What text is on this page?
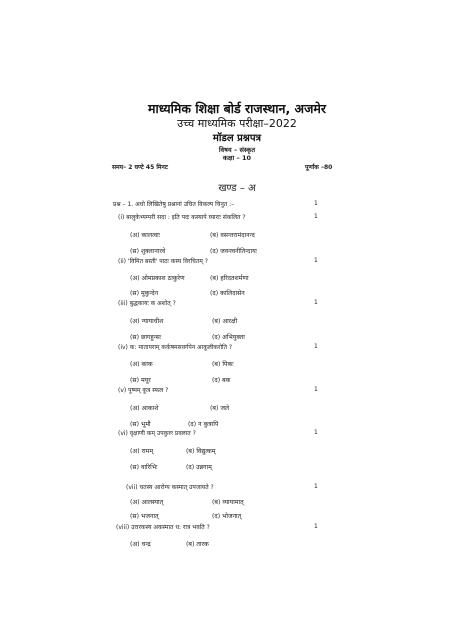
माध्यमिक शिक्षा बोर्ड राजस्थान, अजमेर
उच्च माध्यमिक परीक्षा–2022
मॉडल प्रश्नपत्र
विषय – संस्कृत
कक्षा – 10
समय– 2 घण्टे 45 मिनट	पूर्णांक –80
खण्ड – अ
प्रश्न – 1. अधो लिखितेषु प्रश्नानां उचित विकल्प चिनुत :–	1
(i) बालुकेभ्यम्परी सदा : इति पदः कस्यापे घ्याराः संकलित ?	1
(अ) कालत्वाः	(ब) वसन्तरामंदानन्द
(स) शुक्लानारवे	(द) जवन्त्वनीतिन्दायः
(ii) 'विमित बस्ती' पाठः कस्य विरचितम् ?	1
(अ) ओमप्रकाश ठाकुरेण	(ब) हरिदतशर्मणा
(स) मुकुन्देन	(द) कालिदासेन
(iii) बुद्धकायः क अशोत् ?	1
(अ) न्यायाधीश	(ब) आरक्षी
(स) छागहुन्सः	(द) अभियुक्ता
(iv) क: मातापराम् कर्कषमसवर्गपेन आकूलीकरोति ?	1
(अ) काक	(ब) पिकः
(स) मयूर	(द) बक
(v) पुष्पम् कुत्र स्फल ?	1
(अ) आकाशे	(ब) जले
(स) भूमौ	(द) न कुत्रापि
(vi) वृक्षाणी कम् उपकुरुः प्रवलात ?	1
(अ) रामम्	(ब) विद्युत्कम्
(स) वारिभिः	(द) उन्नगाम्
(vii) चतस्य आरोग्य कस्मात् उपजायते ?	1
(अ) आलस्यात्	(ब) व्यायामात्
(स) भजनात्	(द) भोजनात्
(viii) उत्तरकस्य अकस्मात ध: रात्र भवति ?	1
(अ) चन्द्र	(ब) तारक
